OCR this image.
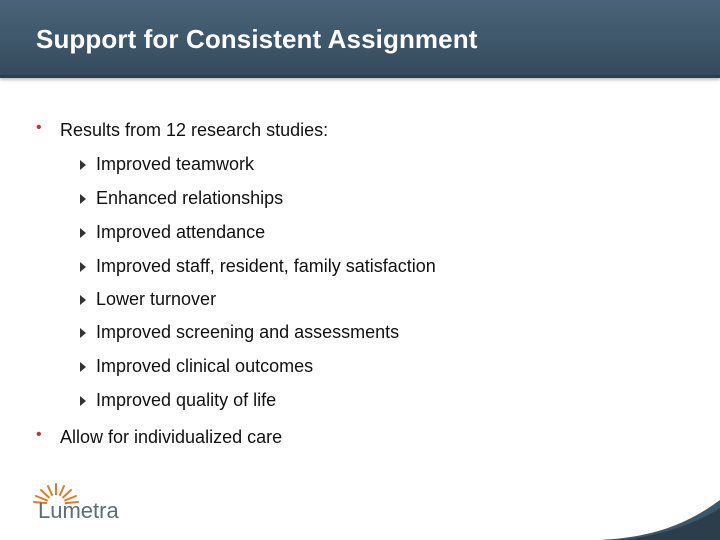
Support for Consistent Assignment
•	Results from 12 research studies:
Improved teamwork
Enhanced relationships
Improved attendance
Improved staff, resident, family satisfaction
Lower turnover
Improved screening and assessments
Improved clinical outcomes
Improved quality of life
•	Allow for individualized care
Lumetra
